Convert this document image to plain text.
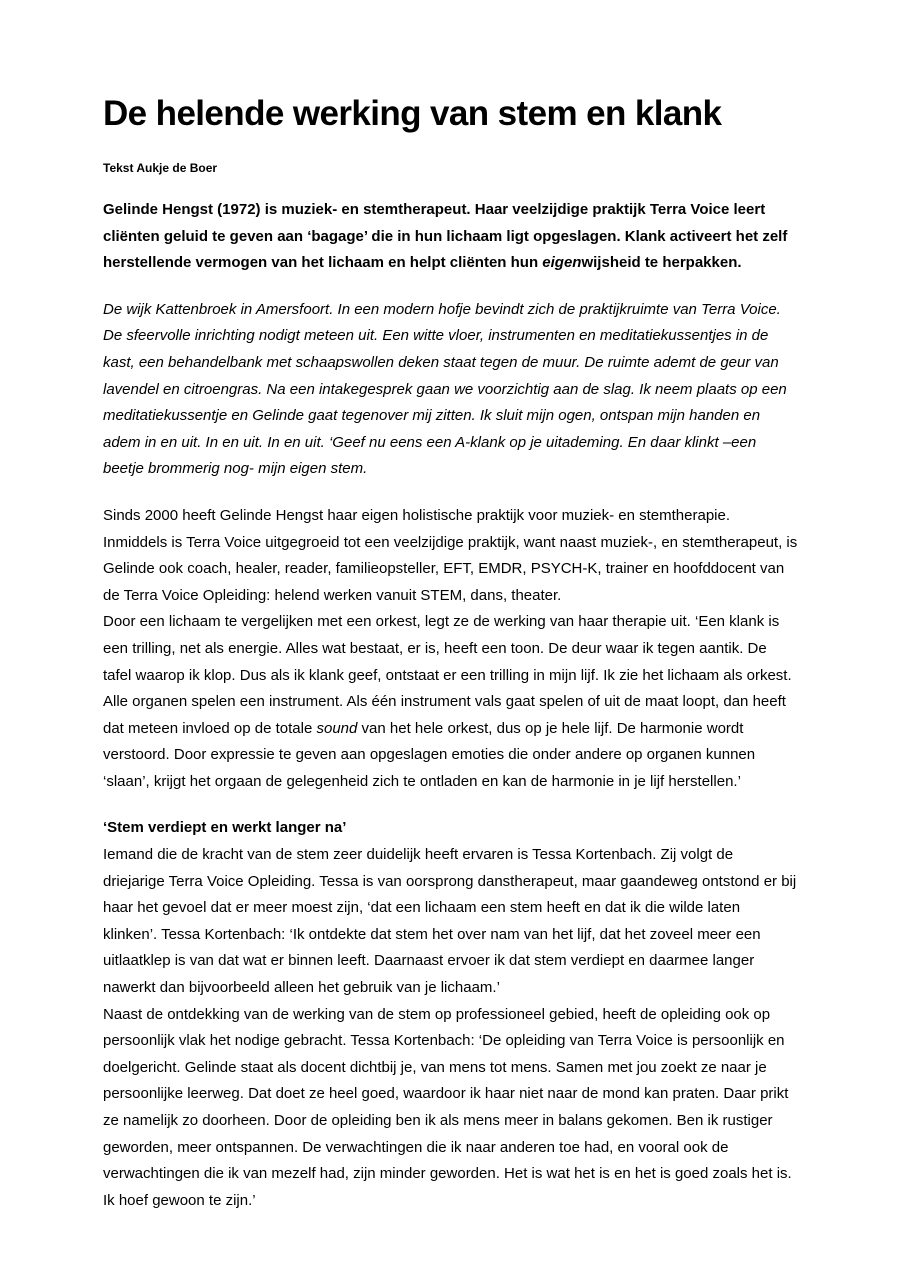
De helende werking van stem en klank

Tekst Aukje de Boer

Gelinde Hengst (1972) is muziek- en stemtherapeut. Haar veelzijdige praktijk Terra Voice leert cliënten geluid te geven aan ‘bagage’ die in hun lichaam ligt opgeslagen. Klank activeert het zelf herstellende vermogen van het lichaam en helpt cliënten hun eigenwijsheid te herpakken.

De wijk Kattenbroek in Amersfoort. In een modern hofje bevindt zich de praktijkruimte van Terra Voice. De sfeervolle inrichting nodigt meteen uit. Een witte vloer, instrumenten en meditatiekussentjes in de kast, een behandelbank met schaapswollen deken staat tegen de muur. De ruimte ademt de geur van lavendel en citroengras. Na een intakegesprek gaan we voorzichtig aan de slag. Ik neem plaats op een meditatiekussentje en Gelinde gaat tegenover mij zitten. Ik sluit mijn ogen, ontspan mijn handen en adem in en uit. In en uit. In en uit. ‘Geef nu eens een A-klank op je uitademing. En daar klinkt –een beetje brommerig nog- mijn eigen stem.

Sinds 2000 heeft Gelinde Hengst haar eigen holistische praktijk voor muziek- en stemtherapie. Inmiddels is Terra Voice uitgegroeid tot een veelzijdige praktijk, want naast muziek-, en stemtherapeut, is Gelinde ook coach, healer, reader, familieopsteller, EFT, EMDR, PSYCH-K, trainer en hoofddocent van de Terra Voice Opleiding: helend werken vanuit STEM, dans, theater.

Door een lichaam te vergelijken met een orkest, legt ze de werking van haar therapie uit. ‘Een klank is een trilling, net als energie. Alles wat bestaat, er is, heeft een toon. De deur waar ik tegen aantik. De tafel waarop ik klop. Dus als ik klank geef, ontstaat er een trilling in mijn lijf. Ik zie het lichaam als orkest. Alle organen spelen een instrument. Als één instrument vals gaat spelen of uit de maat loopt, dan heeft dat meteen invloed op de totale sound van het hele orkest, dus op je hele lijf. De harmonie wordt verstoord. Door expressie te geven aan opgeslagen emoties die onder andere op organen kunnen ‘slaan’, krijgt het orgaan de gelegenheid zich te ontladen en kan de harmonie in je lijf herstellen.’

‘Stem verdiept en werkt langer na’

Iemand die de kracht van de stem zeer duidelijk heeft ervaren is Tessa Kortenbach. Zij volgt de driejarige Terra Voice Opleiding. Tessa is van oorsprong danstherapeut, maar gaandeweg ontstond er bij haar het gevoel dat er meer moest zijn, ‘dat een lichaam een stem heeft en dat ik die wilde laten klinken’. Tessa Kortenbach: ‘Ik ontdekte dat stem het over nam van het lijf, dat het zoveel meer een uitlaatklep is van dat wat er binnen leeft. Daarnaast ervoer ik dat stem verdiept en daarmee langer nawerkt dan bijvoorbeeld alleen het gebruik van je lichaam.’

Naast de ontdekking van de werking van de stem op professioneel gebied, heeft de opleiding ook op persoonlijk vlak het nodige gebracht. Tessa Kortenbach: ‘De opleiding van Terra Voice is persoonlijk en doelgericht. Gelinde staat als docent dichtbij je, van mens tot mens. Samen met jou zoekt ze naar je persoonlijke leerweg. Dat doet ze heel goed, waardoor ik haar niet naar de mond kan praten. Daar prikt ze namelijk zo doorheen. Door de opleiding ben ik als mens meer in balans gekomen. Ben ik rustiger geworden, meer ontspannen. De verwachtingen die ik naar anderen toe had, en vooral ook de verwachtingen die ik van mezelf had, zijn minder geworden. Het is wat het is en het is goed zoals het is. Ik hoef gewoon te zijn.’
